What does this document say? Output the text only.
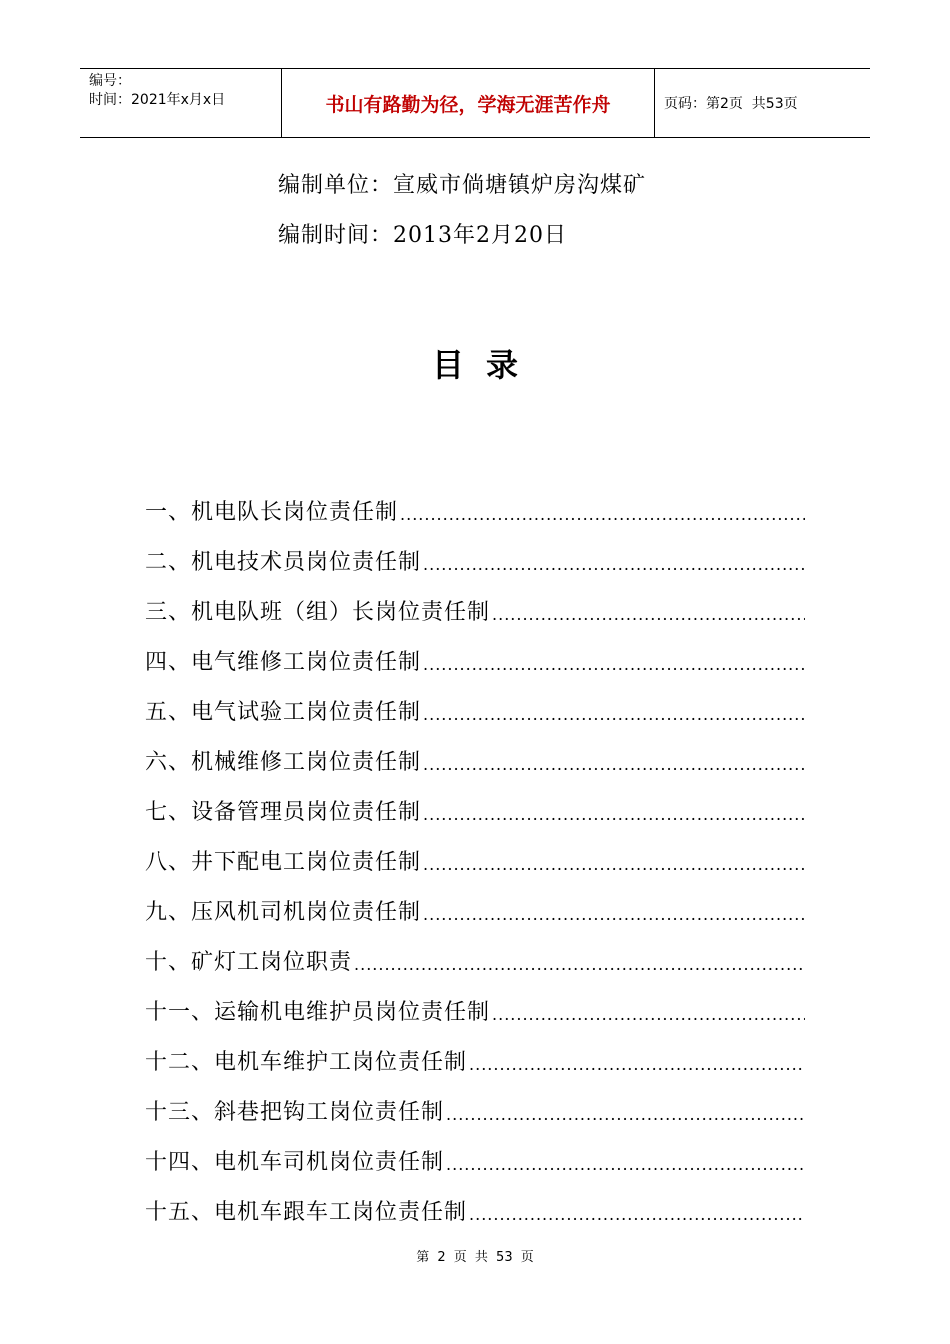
编号：
时间：2021年x月x日	书山有路勤为径，学海无涯苦作舟	页码：第2页  共53页
编制单位：宣威市倘塘镇炉房沟煤矿
编制时间：2013年2月20日
目录
一、机电队长岗位责任制
.....
二、机电技术员岗位责任制
.....
三、机电队班（组）长岗位责任制
.....
四、电气维修工岗位责任制
.....
五、电气试验工岗位责任制
.....
六、机械维修工岗位责任制
.....
七、设备管理员岗位责任制
.....
八、井下配电工岗位责任制
.....
九、压风机司机岗位责任制
.....
十、矿灯工岗位职责
.....
十一、运输机电维护员岗位责任制
.....
十二、电机车维护工岗位责任制
.....
十三、斜巷把钩工岗位责任制
.....
十四、电机车司机岗位责任制
.....
十五、电机车跟车工岗位责任制
.....
第 2 页 共 53 页
